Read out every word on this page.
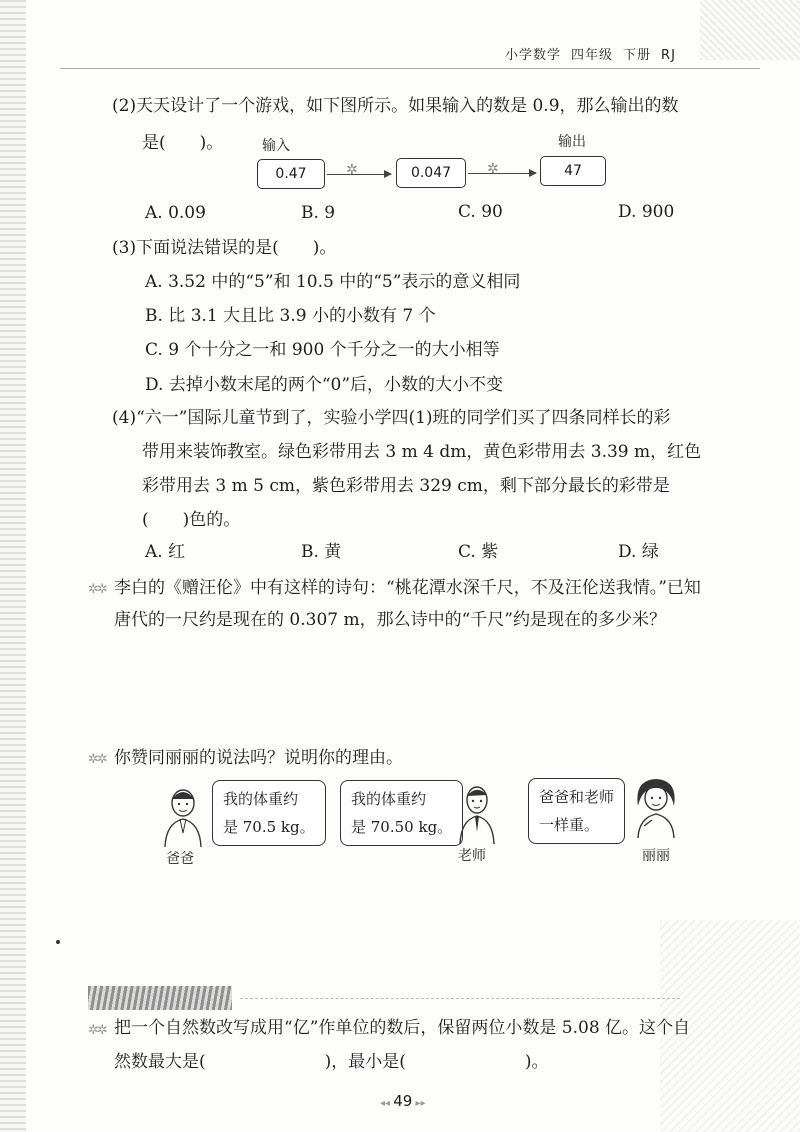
小学数学 四年级 下册 RJ
(2)天天设计了一个游戏，如下图所示。如果输入的数是 0.9，那么输出的数
是(　　)。	输入	输出
0.47	✲	0.047	✲	47
A. 0.09	B. 9	C. 90	D. 900
(3)下面说法错误的是(　　)。
A. 3.52 中的“5”和 10.5 中的“5”表示的意义相同
B. 比 3.1 大且比 3.9 小的小数有 7 个
C. 9 个十分之一和 900 个千分之一的大小相等
D. 去掉小数末尾的两个“0”后，小数的大小不变
(4)“六一”国际儿童节到了，实验小学四(1)班的同学们买了四条同样长的彩
带用来装饰教室。绿色彩带用去 3 m 4 dm，黄色彩带用去 3.39 m，红色
彩带用去 3 m 5 cm，紫色彩带用去 329 cm，剩下部分最长的彩带是
(　　)色的。
A. 红	B. 黄	C. 紫	D. 绿
✲✲ 李白的《赠汪伦》中有这样的诗句：“桃花潭水深千尺，不及汪伦送我情。”已知
唐代的一尺约是现在的 0.307 m，那么诗中的“千尺”约是现在的多少米？
✲✲ 你赞同丽丽的说法吗？说明你的理由。
爸爸
我的体重约
是 70.5 kg。
我的体重约
是 70.50 kg。
老师
爸爸和老师
一样重。
丽丽
✲✲ 把一个自然数改写成用“亿”作单位的数后，保留两位小数是 5.08 亿。这个自
然数最大是(　　　　　　　)，最小是(　　　　　　　)。
◂◂ 49 ▸▸
